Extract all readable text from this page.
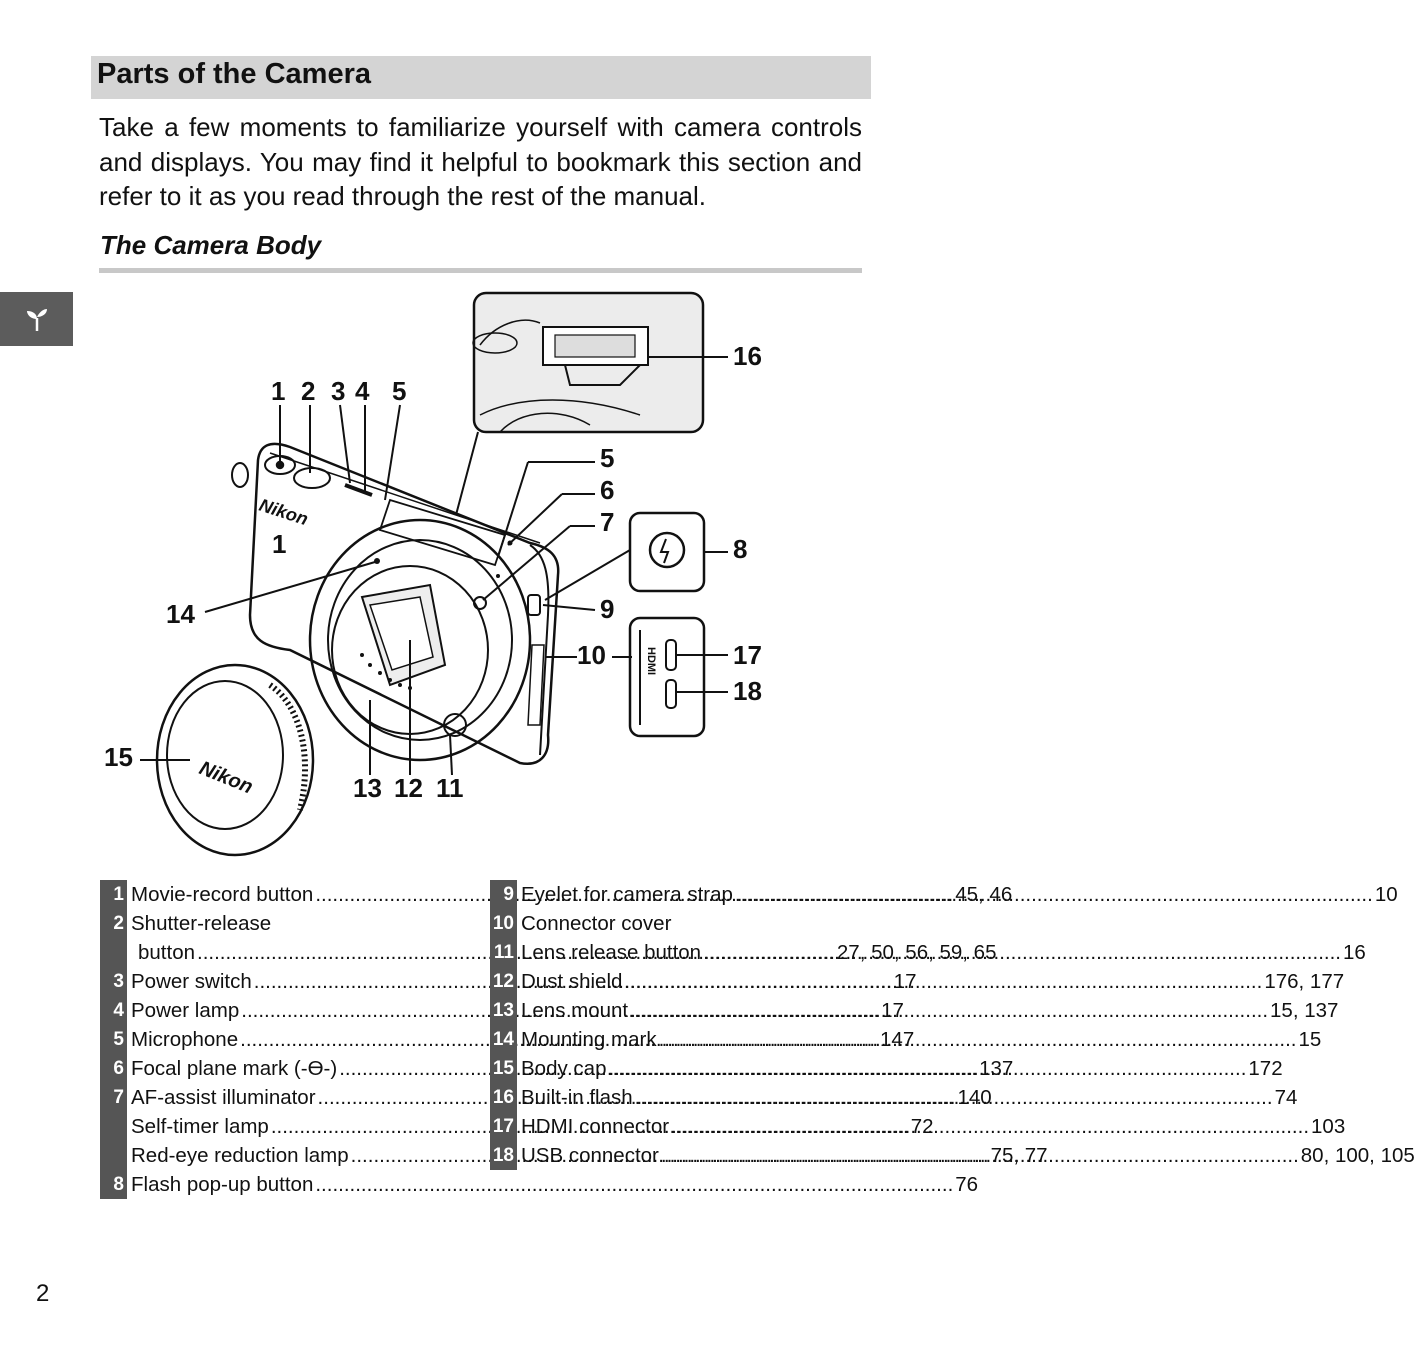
Parts of the Camera

Take a few moments to familiarize yourself with camera controls and displays. You may find it helpful to bookmark this section and refer to it as you read through the rest of the manual.

The Camera Body
Nikon
1
Nikon
HDMI
1 2 3 4 5
5
6
7
8
9
10
11
12
13
14
15
16
17
18
1 Movie-record button .....	45, 46
2 Shutter-release
button .....	27, 50, 56, 59, 65
3 Power switch .....	17
4 Power lamp .....	17
5 Microphone .....	147
6 Focal plane mark (-ϴ-) .....	137
7 AF-assist illuminator .....	140
Self-timer lamp .....	72
Red-eye reduction lamp .....	75, 77
8 Flash pop-up button .....	76
9 Eyelet for camera strap .....	10
10 Connector cover
11 Lens release button .....	16
12 Dust shield .....	176, 177
13 Lens mount .....	15, 137
14 Mounting mark .....	15
15 Body cap .....	172
16 Built-in flash .....	74
17 HDMI connector .....	103
18 USB connector .....	80, 100, 105
2
